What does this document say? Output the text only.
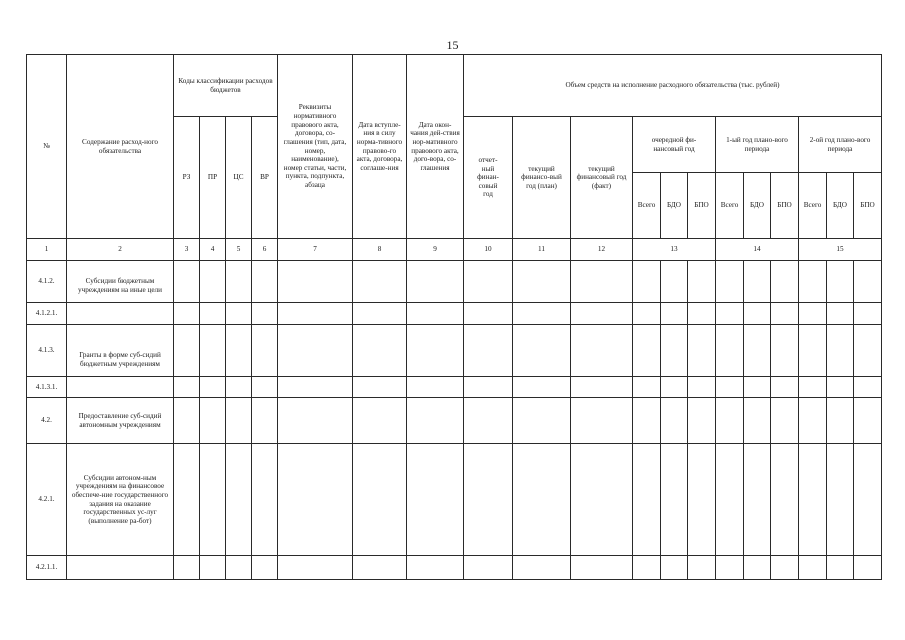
15
№	Содержание расход-ного обязательства	Коды классификации расходов бюджетов				Реквизиты нормативного правового акта, договора, со-глашения (тип, дата, номер, наименование), номер статьи, части, пункта, подпункта, абзаца	Дата вступле-ния в силу норма-тивного правово-го акта, договора, соглаше-ния	Дата окон-чания дей-ствия нор-мативного правового акта, дого-вора, со-глашения	Объем средств на исполнение расходного обязательства (тыс. рублей)											
		РЗ	ПР	ЦС	ВР				отчет-ный финан-совый год	текущий финансо-вый год (план)	текущий финансовый год (факт)	очередной фи-нансовый год			1-ый год плано-вого периода			2-ой год плано-вого периода		
												Всего	БДО	БПО	Всего	БДО	БПО	Всего	БДО	БПО
1	2	3	4	5	6	7	8	9	10	11	12	13			14			15		
4.1.2.	Субсидии бюджетным учреждениям на иные цели																			
4.1.2.1.																				
4.1.3.	Гранты в форме суб-сидий бюджетным учреждениям																			
4.1.3.1.																				
4.2.	Предоставление суб-сидий автономным учреждениям																			
4.2.1.	Субсидии автоном-ным учреждениям на финансовое обеспече-ние государственного задания на оказание государственных ус-луг (выполнение ра-бот)																			
4.2.1.1.																				
